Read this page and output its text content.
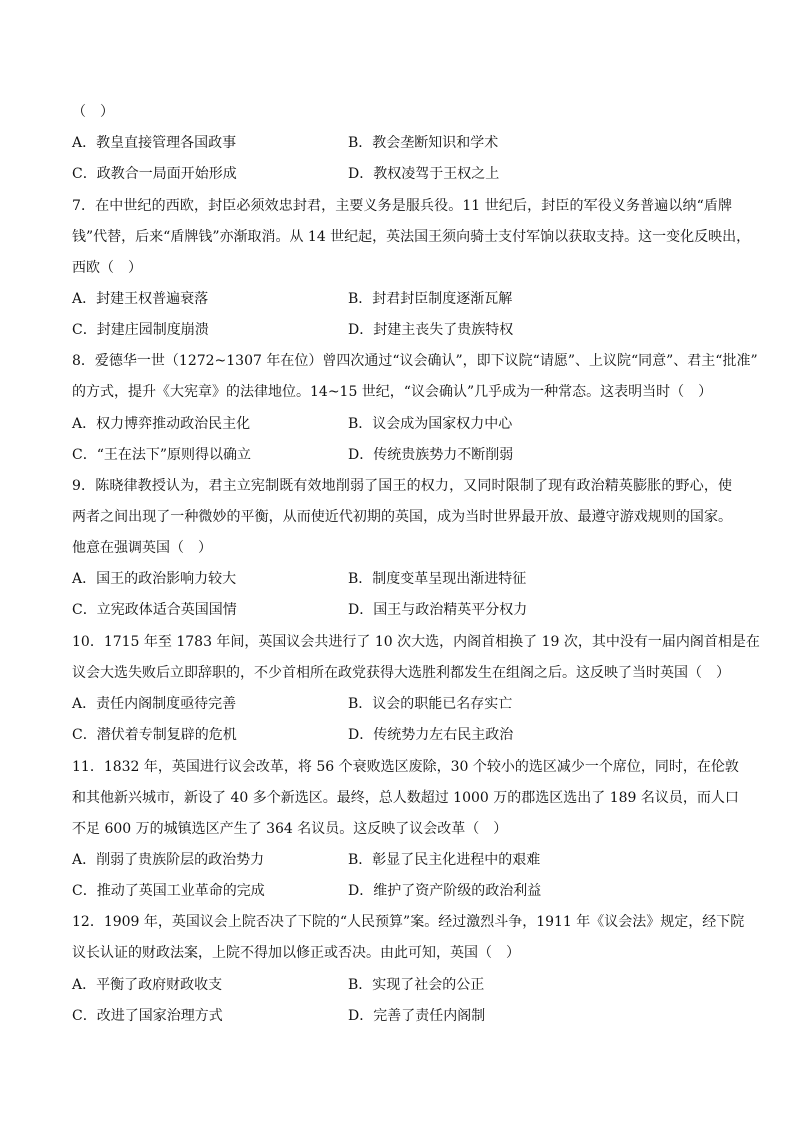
（　）
A．教皇直接管理各国政事	B．教会垄断知识和学术
C．政教合一局面开始形成	D．教权凌驾于王权之上
7．在中世纪的西欧，封臣必须效忠封君，主要义务是服兵役。11 世纪后，封臣的军役义务普遍以纳“盾牌
钱”代替，后来“盾牌钱”亦渐取消。从 14 世纪起，英法国王须向骑士支付军饷以获取支持。这一变化反映出，
西欧（　）
A．封建王权普遍衰落	B．封君封臣制度逐渐瓦解
C．封建庄园制度崩溃	D．封建主丧失了贵族特权
8．爱德华一世（1272~1307 年在位）曾四次通过“议会确认”，即下议院“请愿”、上议院“同意”、君主“批准”
的方式，提升《大宪章》的法律地位。14~15 世纪，“议会确认”几乎成为一种常态。这表明当时（　）
A．权力博弈推动政治民主化	B．议会成为国家权力中心
C．“王在法下”原则得以确立	D．传统贵族势力不断削弱
9．陈晓律教授认为，君主立宪制既有效地削弱了国王的权力，又同时限制了现有政治精英膨胀的野心，使
两者之间出现了一种微妙的平衡，从而使近代初期的英国，成为当时世界最开放、最遵守游戏规则的国家。
他意在强调英国（　）
A．国王的政治影响力较大	B．制度变革呈现出渐进特征
C．立宪政体适合英国国情	D．国王与政治精英平分权力
10．1715 年至 1783 年间，英国议会共进行了 10 次大选，内阁首相换了 19 次，其中没有一届内阁首相是在
议会大选失败后立即辞职的，不少首相所在政党获得大选胜利都发生在组阁之后。这反映了当时英国（　）
A．责任内阁制度亟待完善	B．议会的职能已名存实亡
C．潜伏着专制复辟的危机	D．传统势力左右民主政治
11．1832 年，英国进行议会改革，将 56 个衰败选区废除，30 个较小的选区减少一个席位，同时，在伦敦
和其他新兴城市，新设了 40 多个新选区。最终，总人数超过 1000 万的郡选区选出了 189 名议员，而人口
不足 600 万的城镇选区产生了 364 名议员。这反映了议会改革（　）
A．削弱了贵族阶层的政治势力	B．彰显了民主化进程中的艰难
C．推动了英国工业革命的完成	D．维护了资产阶级的政治利益
12．1909 年，英国议会上院否决了下院的“人民预算”案。经过激烈斗争，1911 年《议会法》规定，经下院
议长认证的财政法案，上院不得加以修正或否决。由此可知，英国（　）
A．平衡了政府财政收支	B．实现了社会的公正
C．改进了国家治理方式	D．完善了责任内阁制
